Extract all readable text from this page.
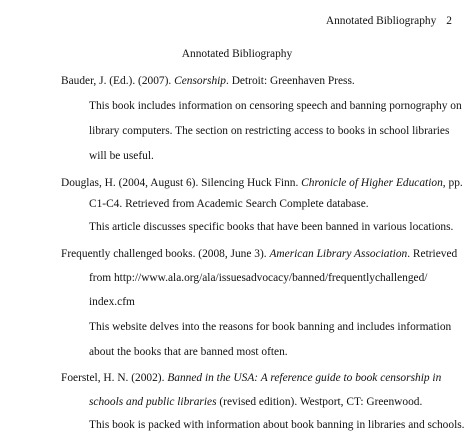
Annotated Bibliography 2
Annotated Bibliography
Bauder, J. (Ed.). (2007). Censorship. Detroit: Greenhaven Press.
This book includes information on censoring speech and banning pornography on
library computers. The section on restricting access to books in school libraries
will be useful.
Douglas, H. (2004, August 6). Silencing Huck Finn. Chronicle of Higher Education, pp.
C1-C4. Retrieved from Academic Search Complete database.
This article discusses specific books that have been banned in various locations.
Frequently challenged books. (2008, June 3). American Library Association. Retrieved
from http://www.ala.org/ala/issuesadvocacy/banned/frequentlychallenged/
index.cfm
This website delves into the reasons for book banning and includes information
about the books that are banned most often.
Foerstel, H. N. (2002). Banned in the USA: A reference guide to book censorship in
schools and public libraries (revised edition). Westport, CT: Greenwood.
This book is packed with information about book banning in libraries and schools.
